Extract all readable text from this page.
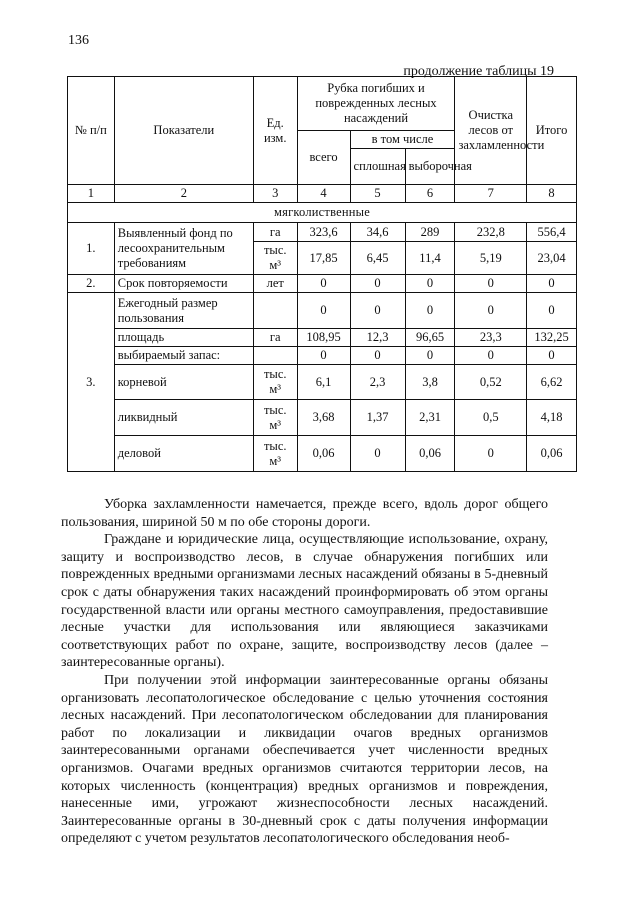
136
продолжение таблицы 19
№ п/п	Показатели	Ед. изм.	Рубка погибших и поврежденных лесных насаждений			Очистка лесов от захламленности	Итого
			всего	в том числе			
				сплошная	выборочная		
1	2	3	4	5	6	7	8
мягколиственные							
1.	Выявленный фонд по лесоохранительным требованиям	га	323,6	34,6	289	232,8	556,4
		тыс. м³	17,85	6,45	11,4	5,19	23,04
2.	Срок повторяемости	лет	0	0	0	0	0
3.	Ежегодный размер пользования		0	0	0	0	0
	площадь	га	108,95	12,3	96,65	23,3	132,25
	выбираемый запас:		0	0	0	0	0
	корневой	тыс. м³	6,1	2,3	3,8	0,52	6,62
	ликвидный	тыс. м³	3,68	1,37	2,31	0,5	4,18
	деловой	тыс. м³	0,06	0	0,06	0	0,06

Уборка захламленности намечается, прежде всего, вдоль дорог общего пользования, шириной 50 м по обе стороны дороги.

Граждане и юридические лица, осуществляющие использование, охрану, защиту и воспроизводство лесов, в случае обнаружения погибших или поврежденных вредными организмами лесных насаждений обязаны в 5-дневный срок с даты обнаружения таких насаждений проинформировать об этом органы государственной власти или органы местного самоуправления, предоставившие лесные участки для использования или являющиеся заказчиками соответствующих работ по охране, защите, воспроизводству лесов (далее – заинтересованные органы).

При получении этой информации заинтересованные органы обязаны организовать лесопатологическое обследование с целью уточнения состояния лесных насаждений. При лесопатологическом обследовании для планирования работ по локализации и ликвидации очагов вредных организмов заинтересованными органами обеспечивается учет численности вредных организмов. Очагами вредных организмов считаются территории лесов, на которых численность (концентрация) вредных организмов и повреждения, нанесенные ими, угрожают жизнеспособности лесных насаждений. Заинтересованные органы в 30-дневный срок с даты получения информации определяют с учетом результатов лесопатологического обследования необ-
